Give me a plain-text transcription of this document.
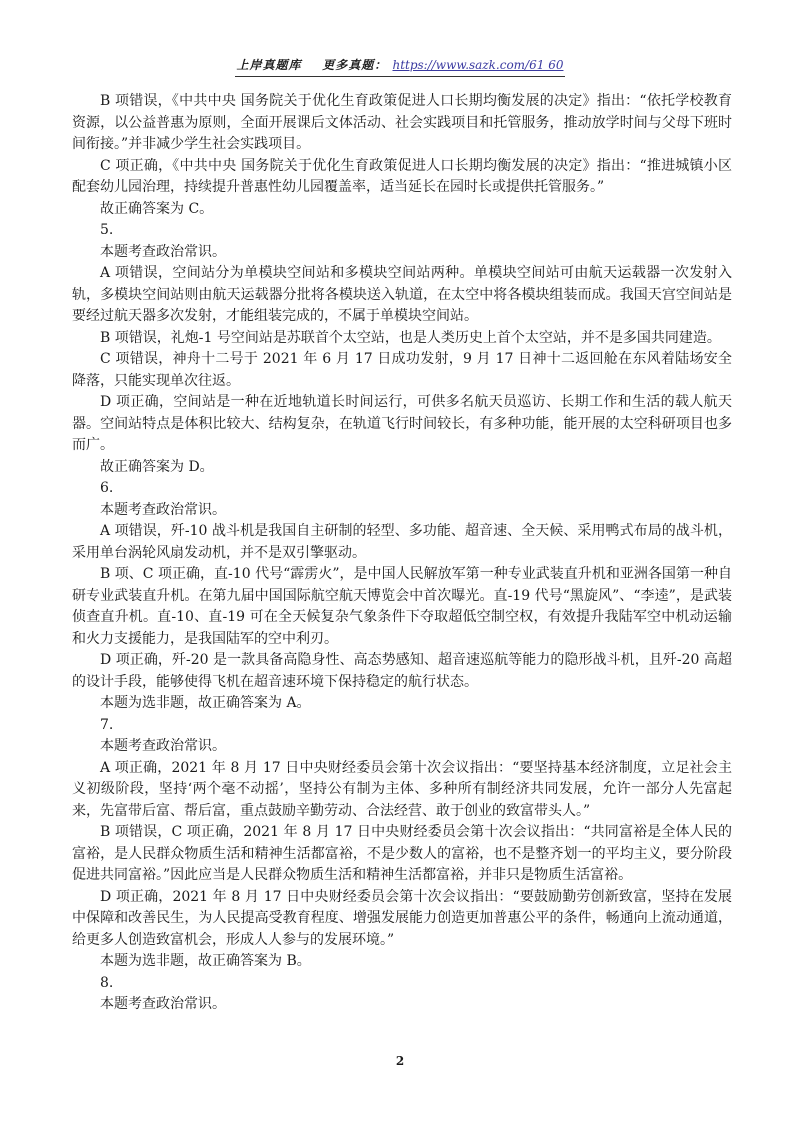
上岸真题库 更多真题： https://www.sazk.com/61 60

B 项错误，《中共中央 国务院关于优化生育政策促进人口长期均衡发展的决定》指出：“依托学校教育资源，以公益普惠为原则，全面开展课后文体活动、社会实践项目和托管服务，推动放学时间与父母下班时间衔接。”并非减少学生社会实践项目。

C 项正确，《中共中央 国务院关于优化生育政策促进人口长期均衡发展的决定》指出：“推进城镇小区配套幼儿园治理，持续提升普惠性幼儿园覆盖率，适当延长在园时长或提供托管服务。”

故正确答案为 C。

5.

本题考查政治常识。

A 项错误，空间站分为单模块空间站和多模块空间站两种。单模块空间站可由航天运载器一次发射入轨，多模块空间站则由航天运载器分批将各模块送入轨道，在太空中将各模块组装而成。我国天宫空间站是要经过航天器多次发射，才能组装完成的，不属于单模块空间站。

B 项错误，礼炮-1 号空间站是苏联首个太空站，也是人类历史上首个太空站，并不是多国共同建造。

C 项错误，神舟十二号于 2021 年 6 月 17 日成功发射，9 月 17 日神十二返回舱在东风着陆场安全降落，只能实现单次往返。

D 项正确，空间站是一种在近地轨道长时间运行，可供多名航天员巡访、长期工作和生活的载人航天器。空间站特点是体积比较大、结构复杂，在轨道飞行时间较长，有多种功能，能开展的太空科研项目也多而广。

故正确答案为 D。

6.

本题考查政治常识。

A 项错误，歼-10 战斗机是我国自主研制的轻型、多功能、超音速、全天候、采用鸭式布局的战斗机，采用单台涡轮风扇发动机，并不是双引擎驱动。

B 项、C 项正确，直-10 代号“霹雳火”，是中国人民解放军第一种专业武装直升机和亚洲各国第一种自研专业武装直升机。在第九届中国国际航空航天博览会中首次曝光。直-19 代号“黑旋风”、“李逵”，是武装侦查直升机。直-10、直-19 可在全天候复杂气象条件下夺取超低空制空权，有效提升我陆军空中机动运输和火力支援能力，是我国陆军的空中利刃。

D 项正确，歼-20 是一款具备高隐身性、高态势感知、超音速巡航等能力的隐形战斗机，且歼-20 高超的设计手段，能够使得飞机在超音速环境下保持稳定的航行状态。

本题为选非题，故正确答案为 A。

7.

本题考查政治常识。

A 项正确，2021 年 8 月 17 日中央财经委员会第十次会议指出：“要坚持基本经济制度，立足社会主义初级阶段，坚持‘两个毫不动摇’，坚持公有制为主体、多种所有制经济共同发展，允许一部分人先富起来，先富带后富、帮后富，重点鼓励辛勤劳动、合法经营、敢于创业的致富带头人。”

B 项错误，C 项正确，2021 年 8 月 17 日中央财经委员会第十次会议指出：“共同富裕是全体人民的富裕，是人民群众物质生活和精神生活都富裕，不是少数人的富裕，也不是整齐划一的平均主义，要分阶段促进共同富裕。”因此应当是人民群众物质生活和精神生活都富裕，并非只是物质生活富裕。

D 项正确，2021 年 8 月 17 日中央财经委员会第十次会议指出：“要鼓励勤劳创新致富，坚持在发展中保障和改善民生，为人民提高受教育程度、增强发展能力创造更加普惠公平的条件，畅通向上流动通道，给更多人创造致富机会，形成人人参与的发展环境。”

本题为选非题，故正确答案为 B。

8.

本题考查政治常识。

2
